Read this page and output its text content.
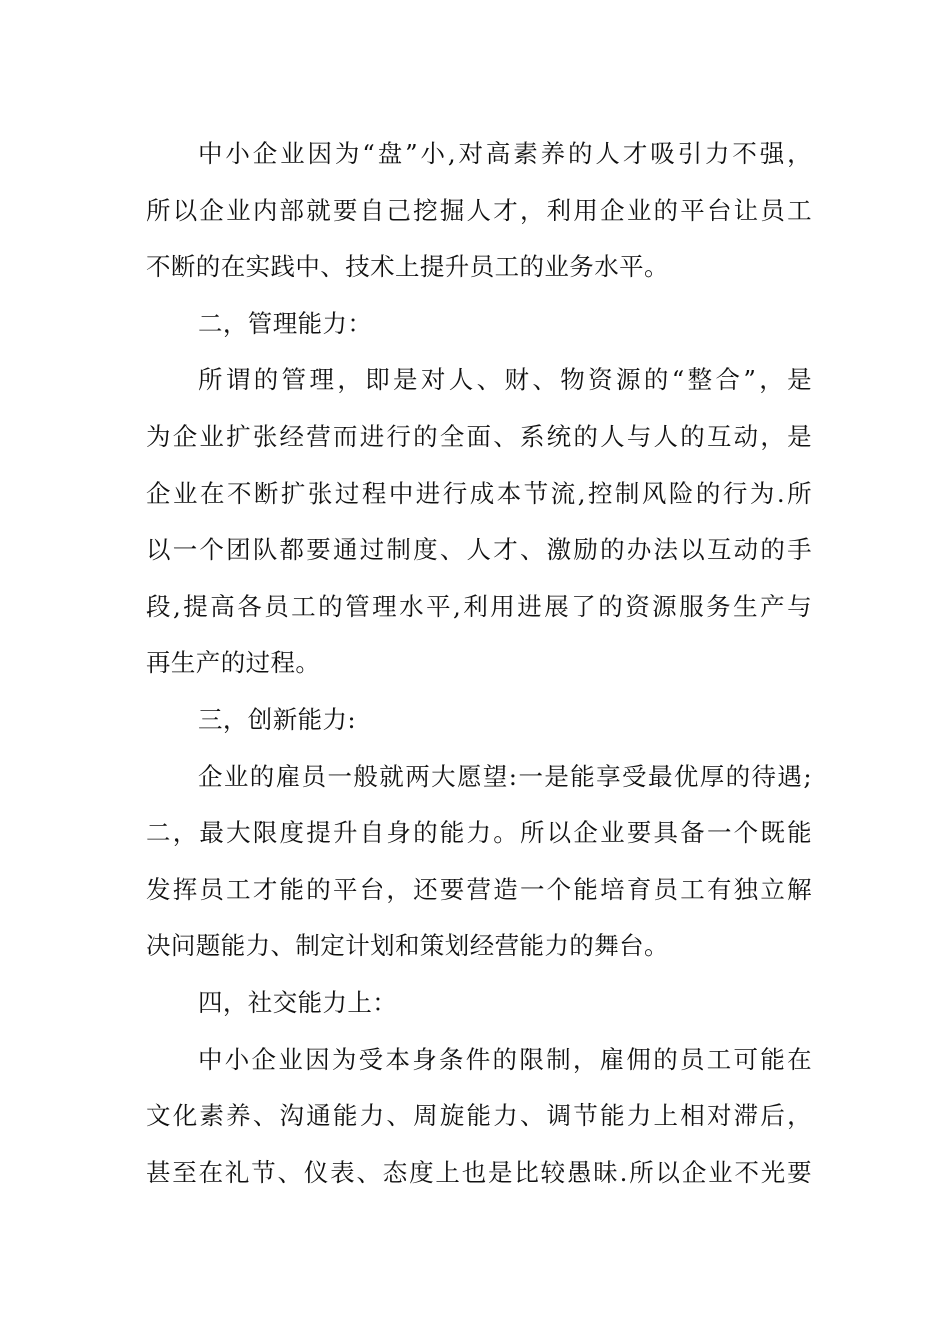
中小企业因为“盘”小,对高素养的人才吸引力不强，
所以企业内部就要自己挖掘人才，利用企业的平台让员工
不断的在实践中、技术上提升员工的业务水平。
二，管理能力：
所谓的管理，即是对人、财、物资源的“整合”，是
为企业扩张经营而进行的全面、系统的人与人的互动，是
企业在不断扩张过程中进行成本节流,控制风险的行为.所
以一个团队都要通过制度、人才、激励的办法以互动的手
段,提高各员工的管理水平,利用进展了的资源服务生产与
再生产的过程。
三，创新能力:
企业的雇员一般就两大愿望:一是能享受最优厚的待遇;
二，最大限度提升自身的能力。所以企业要具备一个既能
发挥员工才能的平台，还要营造一个能培育员工有独立解
决问题能力、制定计划和策划经营能力的舞台。
四，社交能力上：
中小企业因为受本身条件的限制，雇佣的员工可能在
文化素养、沟通能力、周旋能力、调节能力上相对滞后，
甚至在礼节、仪表、态度上也是比较愚昧.所以企业不光要
